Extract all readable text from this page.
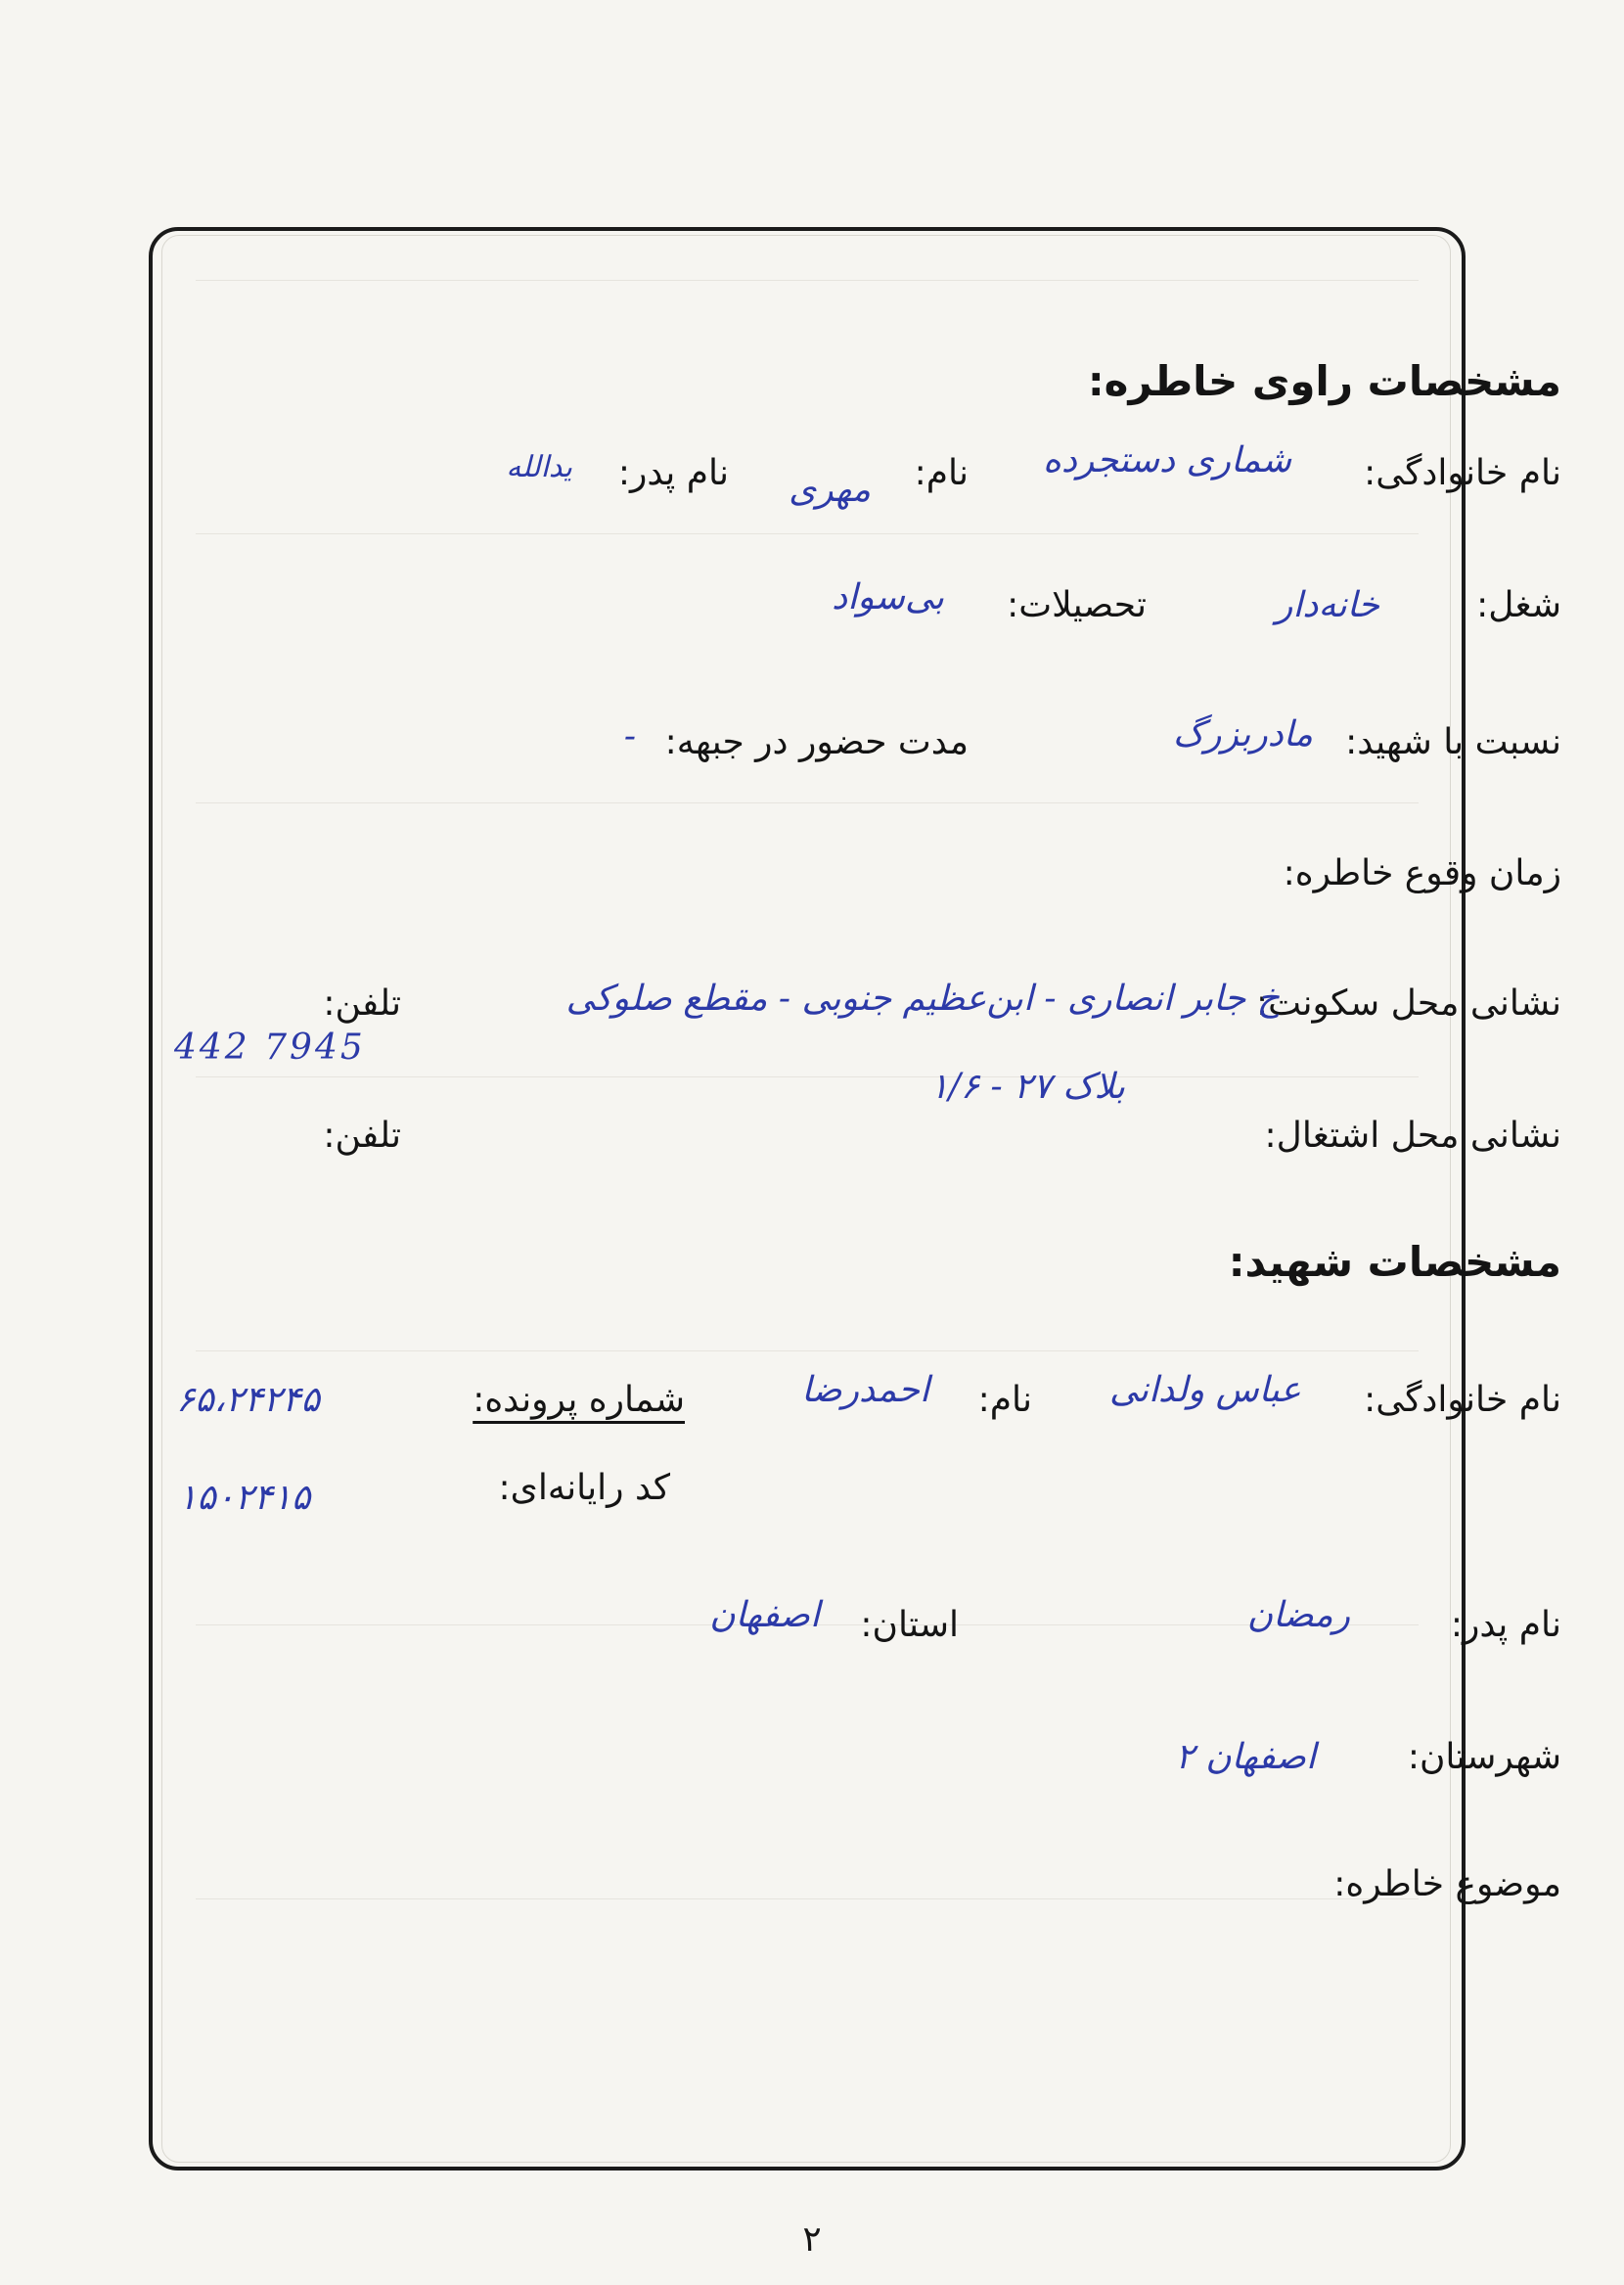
مشخصات راوی خاطره:
نام خانوادگی:
شماری دستجرده
نام:
مهری
نام پدر:
یدالله
شغل:
خانه‌دار
تحصیلات:
بی‌سواد
نسبت با شهید:
مادربزرگ
مدت حضور در جبهه:
-
زمان وقوع خاطره:
نشانی محل سکونت:
خ جابر انصاری - ابن‌عظیم جنوبی - مقطع صلوکی
بلاک ۲۷ - ۱/۶
تلفن:
442 7945
نشانی محل اشتغال:
تلفن:
مشخصات شهید:
نام خانوادگی:
عباس ولدانی
نام:
احمدرضا
شماره پرونده:
۶۵،۲۴۲۴۵
کد رایانه‌ای:
۱۵۰۲۴۱۵
نام پدر:
رمضان
استان:
اصفهان
شهرستان:
اصفهان ۲
موضوع خاطره:
۲
